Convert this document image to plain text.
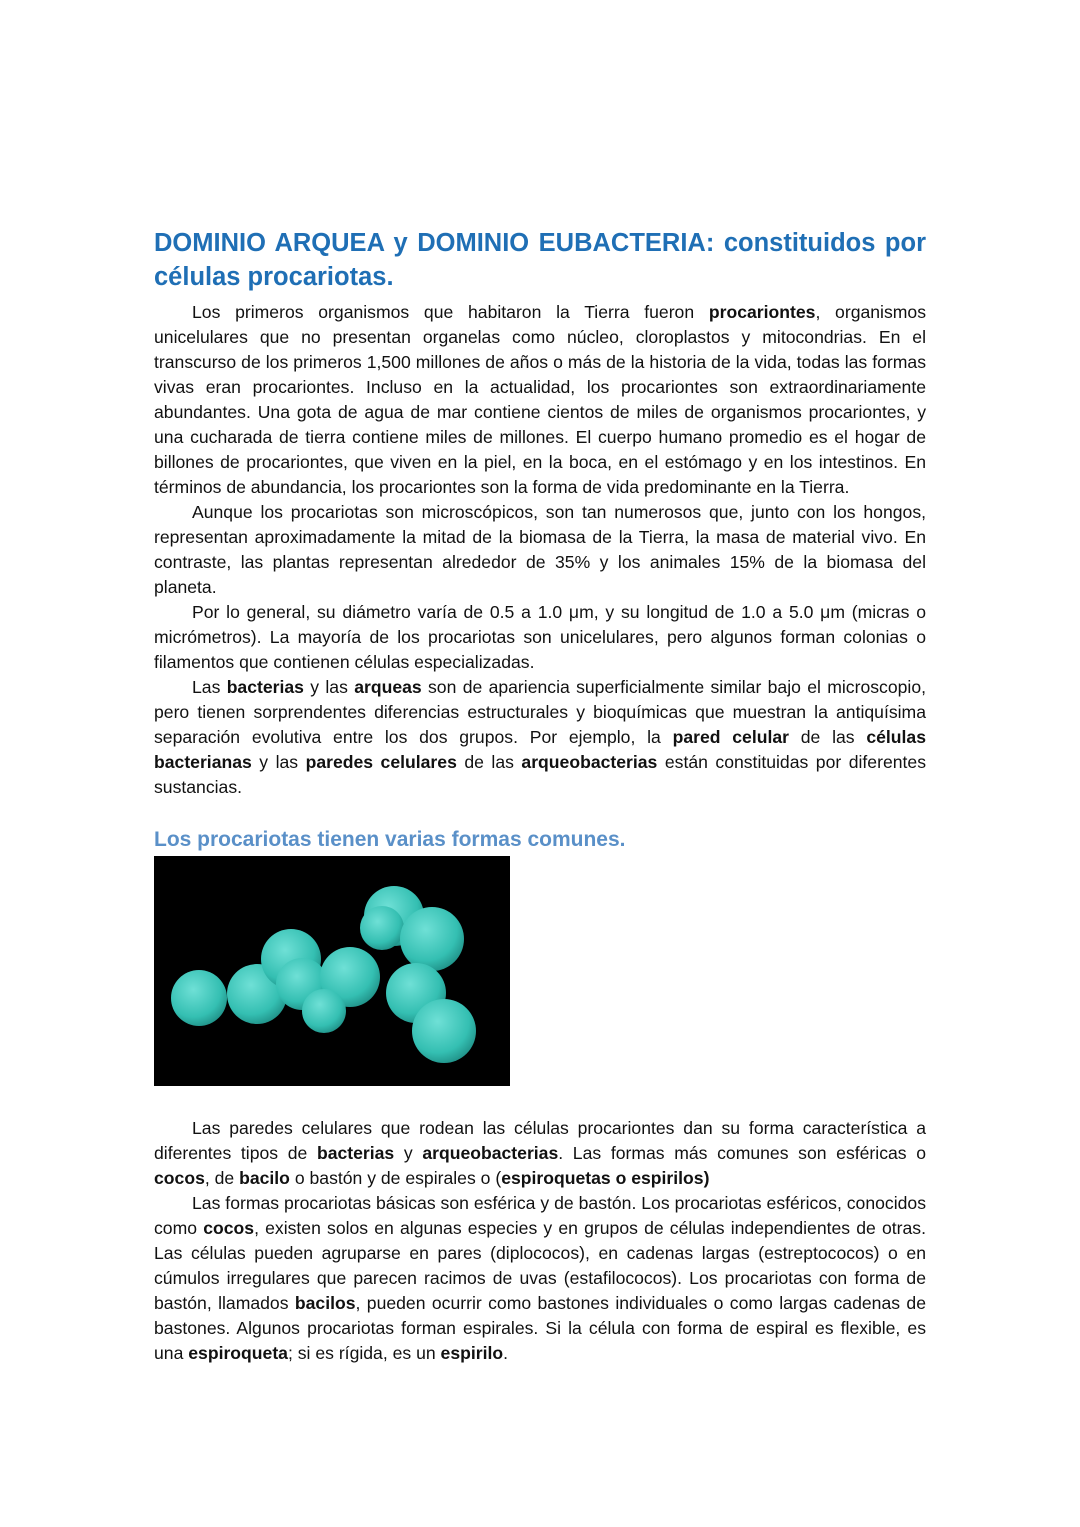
DOMINIO ARQUEA y DOMINIO EUBACTERIA: constituidos por células procariotas.

Los primeros organismos que habitaron la Tierra fueron procariontes, organismos unicelulares que no presentan organelas como núcleo, cloroplastos y mitocondrias. En el transcurso de los primeros 1,500 millones de años o más de la historia de la vida, todas las formas vivas eran procariontes. Incluso en la actualidad, los procariontes son extraordinariamente abundantes. Una gota de agua de mar contiene cientos de miles de organismos procariontes, y una cucharada de tierra contiene miles de millones. El cuerpo humano promedio es el hogar de billones de procariontes, que viven en la piel, en la boca, en el estómago y en los intestinos. En términos de abundancia, los procariontes son la forma de vida predominante en la Tierra.

Aunque los procariotas son microscópicos, son tan numerosos que, junto con los hongos, representan aproximadamente la mitad de la biomasa de la Tierra, la masa de material vivo. En contraste, las plantas representan alrededor de 35% y los animales 15% de la biomasa del planeta.

Por lo general, su diámetro varía de 0.5 a 1.0 μm, y su longitud de 1.0 a 5.0 μm (micras o micrómetros). La mayoría de los procariotas son unicelulares, pero algunos forman colonias o filamentos que contienen células especializadas.

Las bacterias y las arqueas son de apariencia superficialmente similar bajo el microscopio, pero tienen sorprendentes diferencias estructurales y bioquímicas que muestran la antiquísima separación evolutiva entre los dos grupos. Por ejemplo, la pared celular de las células bacterianas y las paredes celulares de las arqueobacterias están constituidas por diferentes sustancias.

Los procariotas tienen varias formas comunes.

Las paredes celulares que rodean las células procariontes dan su forma característica a diferentes tipos de bacterias y arqueobacterias. Las formas más comunes son esféricas o cocos, de bacilo o bastón y de espirales o (espiroquetas o espirilos)

Las formas procariotas básicas son esférica y de bastón. Los procariotas esféricos, conocidos como cocos, existen solos en algunas especies y en grupos de células independientes de otras. Las células pueden agruparse en pares (diplococos), en cadenas largas (estreptococos) o en cúmulos irregulares que parecen racimos de uvas (estafilococos). Los procariotas con forma de bastón, llamados bacilos, pueden ocurrir como bastones individuales o como largas cadenas de bastones. Algunos procariotas forman espirales. Si la célula con forma de espiral es flexible, es una espiroqueta; si es rígida, es un espirilo.
